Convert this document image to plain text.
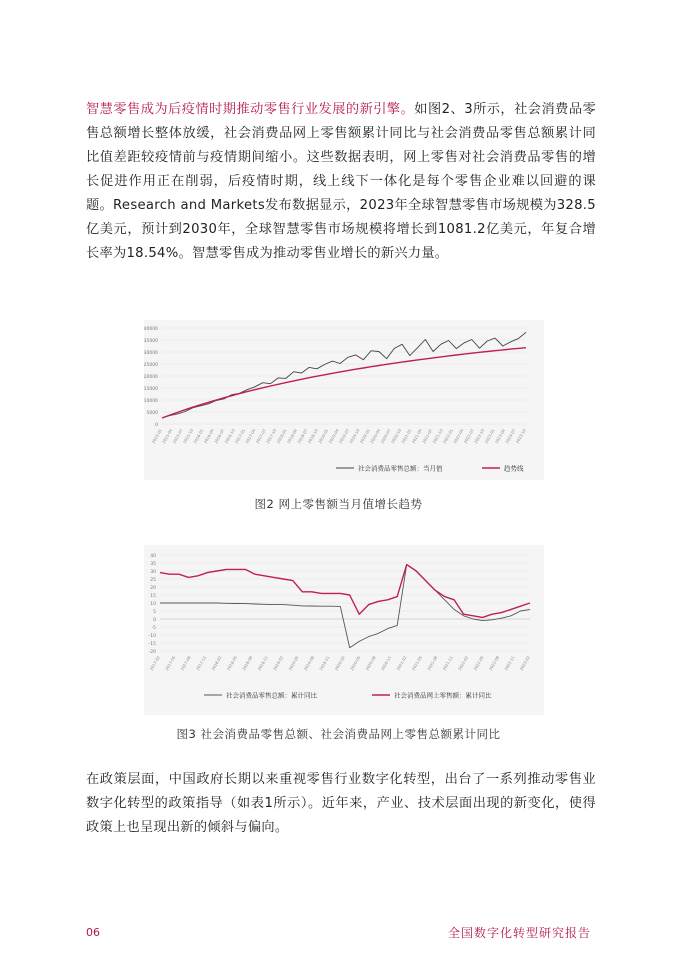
智慧零售成为后疫情时期推动零售行业发展的新引擎。如图2、3所示，社会消费品零售总额增长整体放缓，社会消费品网上零售额累计同比与社会消费品零售总额累计同比值差距较疫情前与疫情期间缩小。这些数据表明，网上零售对社会消费品零售的增长促进作用正在削弱，后疫情时期，线上线下一体化是每个零售企业难以回避的课题。Research and Markets发布数据显示，2023年全球智慧零售市场规模为328.5亿美元，预计到2030年，全球智慧零售市场规模将增长到1081.2亿美元，年复合增长率为18.54%。智慧零售成为推动零售业增长的新兴力量。

0
5000
10000
15000
20000
25000
30000
35000
40000
2015-01
2015-04
2015-07
2015-10
2016-01
2016-04
2016-07
2016-10
2017-01
2017-04
2017-07
2017-10
2018-01
2018-04
2018-07
2018-10
2019-01
2019-04
2019-07
2019-10
2020-01
2020-04
2020-07
2020-10
2021-01
2021-04
2021-07
2021-10
2022-01
2022-04
2022-07
2022-10
2023-01
2023-04
2023-07
2023-10
社会消费品零售总额：当月值	趋势线
图2 网上零售额当月值增长趋势
-20
-15
-10
-5
0
5
10
15
20
25
30
35
40
2017-02 2017-05 2017-08 2017-11 2018-02 2018-05 2018-08 2018-11 2019-02 2019-05 2019-08 2019-11 2020-02 2020-05 2020-08 2020-11 2021-02 2021-05 2021-08 2021-11 2022-02 2022-05 2022-08 2022-11 2023-02
社会消费品零售总额：累计同比	社会消费品网上零售额：累计同比
图3 社会消费品零售总额、社会消费品网上零售总额累计同比

在政策层面，中国政府长期以来重视零售行业数字化转型，出台了一系列推动零售业数字化转型的政策指导（如表1所示）。近年来，产业、技术层面出现的新变化，使得政策上也呈现出新的倾斜与偏向。

06	全国数字化转型研究报告
